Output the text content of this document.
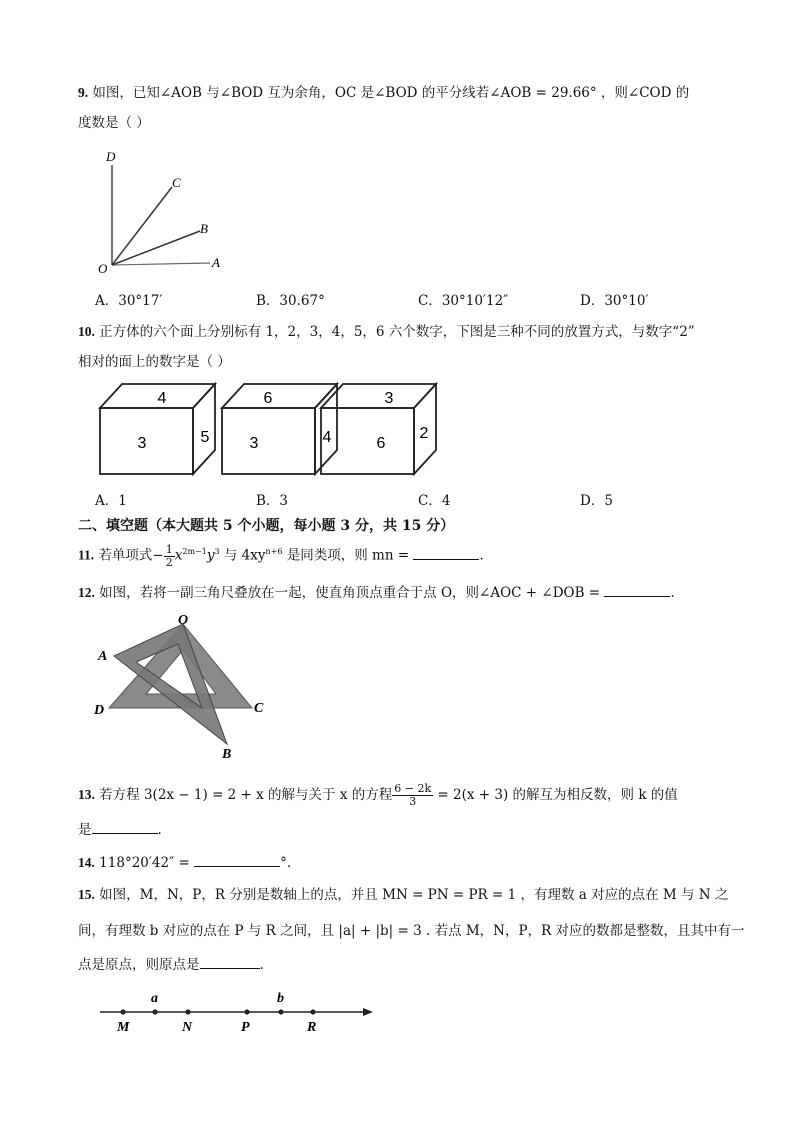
9. 如图，已知∠AOB 与∠BOD 互为余角，OC 是∠BOD 的平分线若∠AOB = 29.66° ，则∠COD 的
度数是（ ）
D
C
B
O	A
A．30°17′	B．30.67°	C．30°10′12″	D．30°10′
10. 正方体的六个面上分别标有 1，2，3，4，5，6 六个数字，下图是三种不同的放置方式，与数字“2”
相对的面上的数字是（ ）
4
3	5
6
3	4
3
6
2
A．1	B．3	C．4	D．5
二、填空题（本大题共 5 个小题，每小题 3 分，共 15 分）
11. 若单项式− $\frac{1}{2} x^{2m-1}y^3$ 与 $4xy^{n+6}$ 是同类项，则 mn =	.
12. 如图，若将一副三角尺叠放在一起，使直角顶点重合于点 O，则∠AOC + ∠DOB =	.
O
A
D	C
B
13. 若方程 3(2x − 1) = 2 + x 的解与关于 x 的方程 $\frac{6 - 2k}{3} = 2(x + 3)$ 的解互为相反数，则 k 的值
是	.
14. 118°20′42″ =	°.
15. 如图，M，N，P，R 分别是数轴上的点，并且 MN = PN = PR = 1 ，有理数 a 对应的点在 M 与 N 之
间，有理数 b 对应的点在 P 与 R 之间，且 |a| + |b| = 3 . 若点 M，N，P，R 对应的数都是整数，且其中有一
点是原点，则原点是	.
a	b
M	N	P	R
